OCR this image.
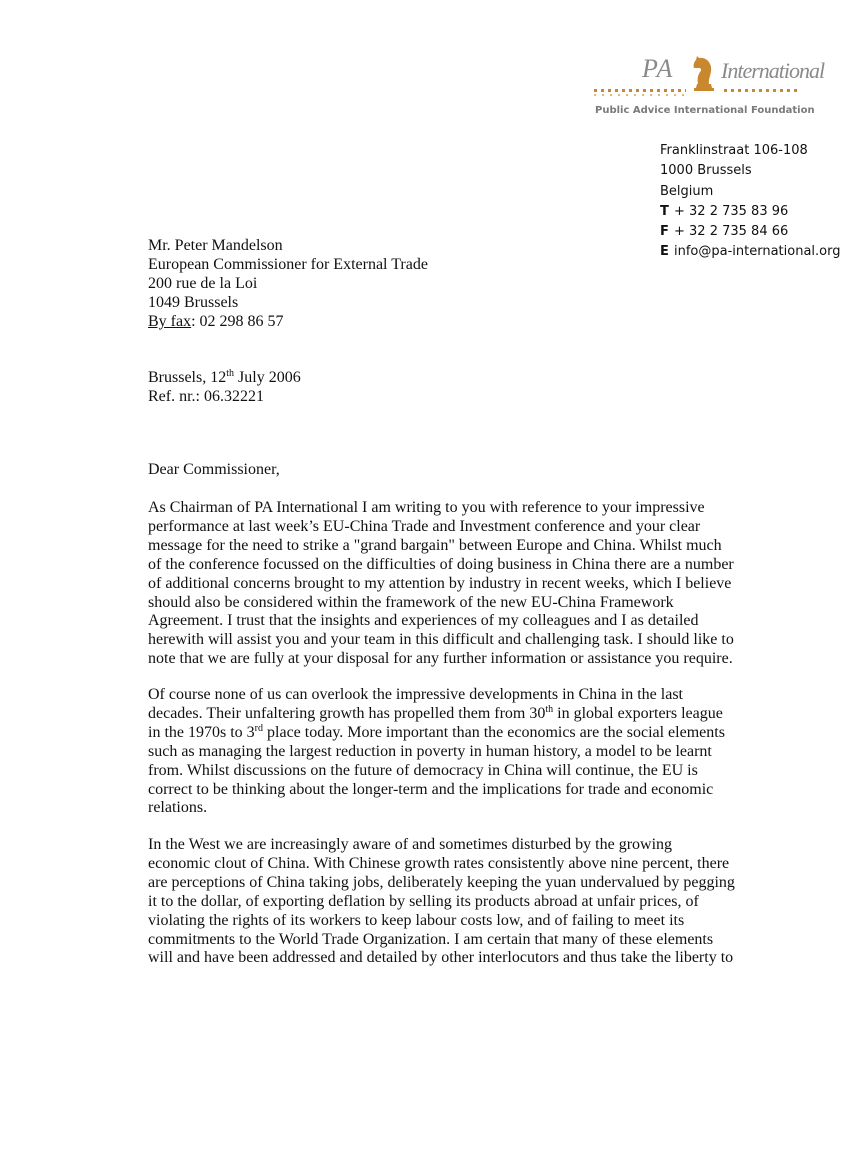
PA International
Public Advice International Foundation
Franklinstraat 106-108
1000 Brussels
Belgium
T + 32 2 735 83 96
F + 32 2 735 84 66
E info@pa-international.org
Mr. Peter Mandelson
European Commissioner for External Trade
200 rue de la Loi
1049 Brussels
By fax: 02 298 86 57
Brussels, 12th July 2006
Ref. nr.: 06.32221
Dear Commissioner,
As Chairman of PA International I am writing to you with reference to your impressive
performance at last week’s EU-China Trade and Investment conference and your clear
message for the need to strike a "grand bargain" between Europe and China. Whilst much
of the conference focussed on the difficulties of doing business in China there are a number
of additional concerns brought to my attention by industry in recent weeks, which I believe
should also be considered within the framework of the new EU-China Framework
Agreement. I trust that the insights and experiences of my colleagues and I as detailed
herewith will assist you and your team in this difficult and challenging task. I should like to
note that we are fully at your disposal for any further information or assistance you require.
Of course none of us can overlook the impressive developments in China in the last
decades. Their unfaltering growth has propelled them from 30th in global exporters league
in the 1970s to 3rd place today. More important than the economics are the social elements
such as managing the largest reduction in poverty in human history, a model to be learnt
from. Whilst discussions on the future of democracy in China will continue, the EU is
correct to be thinking about the longer-term and the implications for trade and economic
relations.
In the West we are increasingly aware of and sometimes disturbed by the growing
economic clout of China. With Chinese growth rates consistently above nine percent, there
are perceptions of China taking jobs, deliberately keeping the yuan undervalued by pegging
it to the dollar, of exporting deflation by selling its products abroad at unfair prices, of
violating the rights of its workers to keep labour costs low, and of failing to meet its
commitments to the World Trade Organization. I am certain that many of these elements
will and have been addressed and detailed by other interlocutors and thus take the liberty to
